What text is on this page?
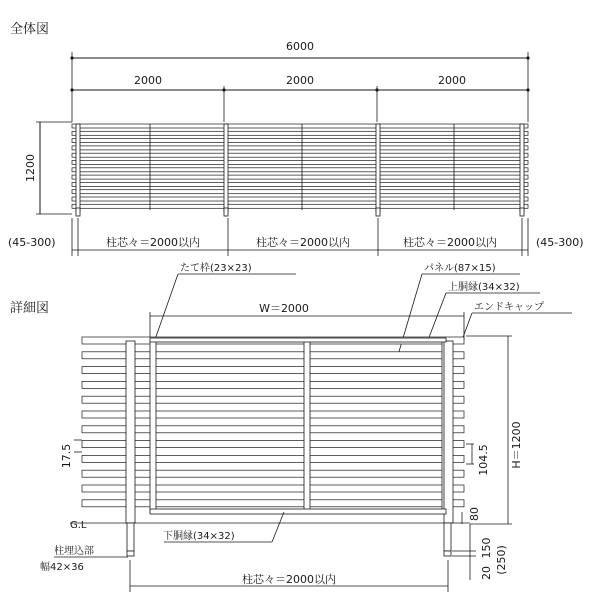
全体図
6000
2000	2000	2000
1200
柱芯々＝2000以内	柱芯々＝2000以内	柱芯々＝2000以内
(45-300)	(45-300)
詳細図
たて枠(23×23)	パネル(87×15)
上胴縁(34×32)
エンドキャップ
W＝2000
H＝1200
104.5
80
17.5
G.L
下胴縁(34×32)
柱埋込部
幅42×36
150
20 (250)
柱芯々＝2000以内
